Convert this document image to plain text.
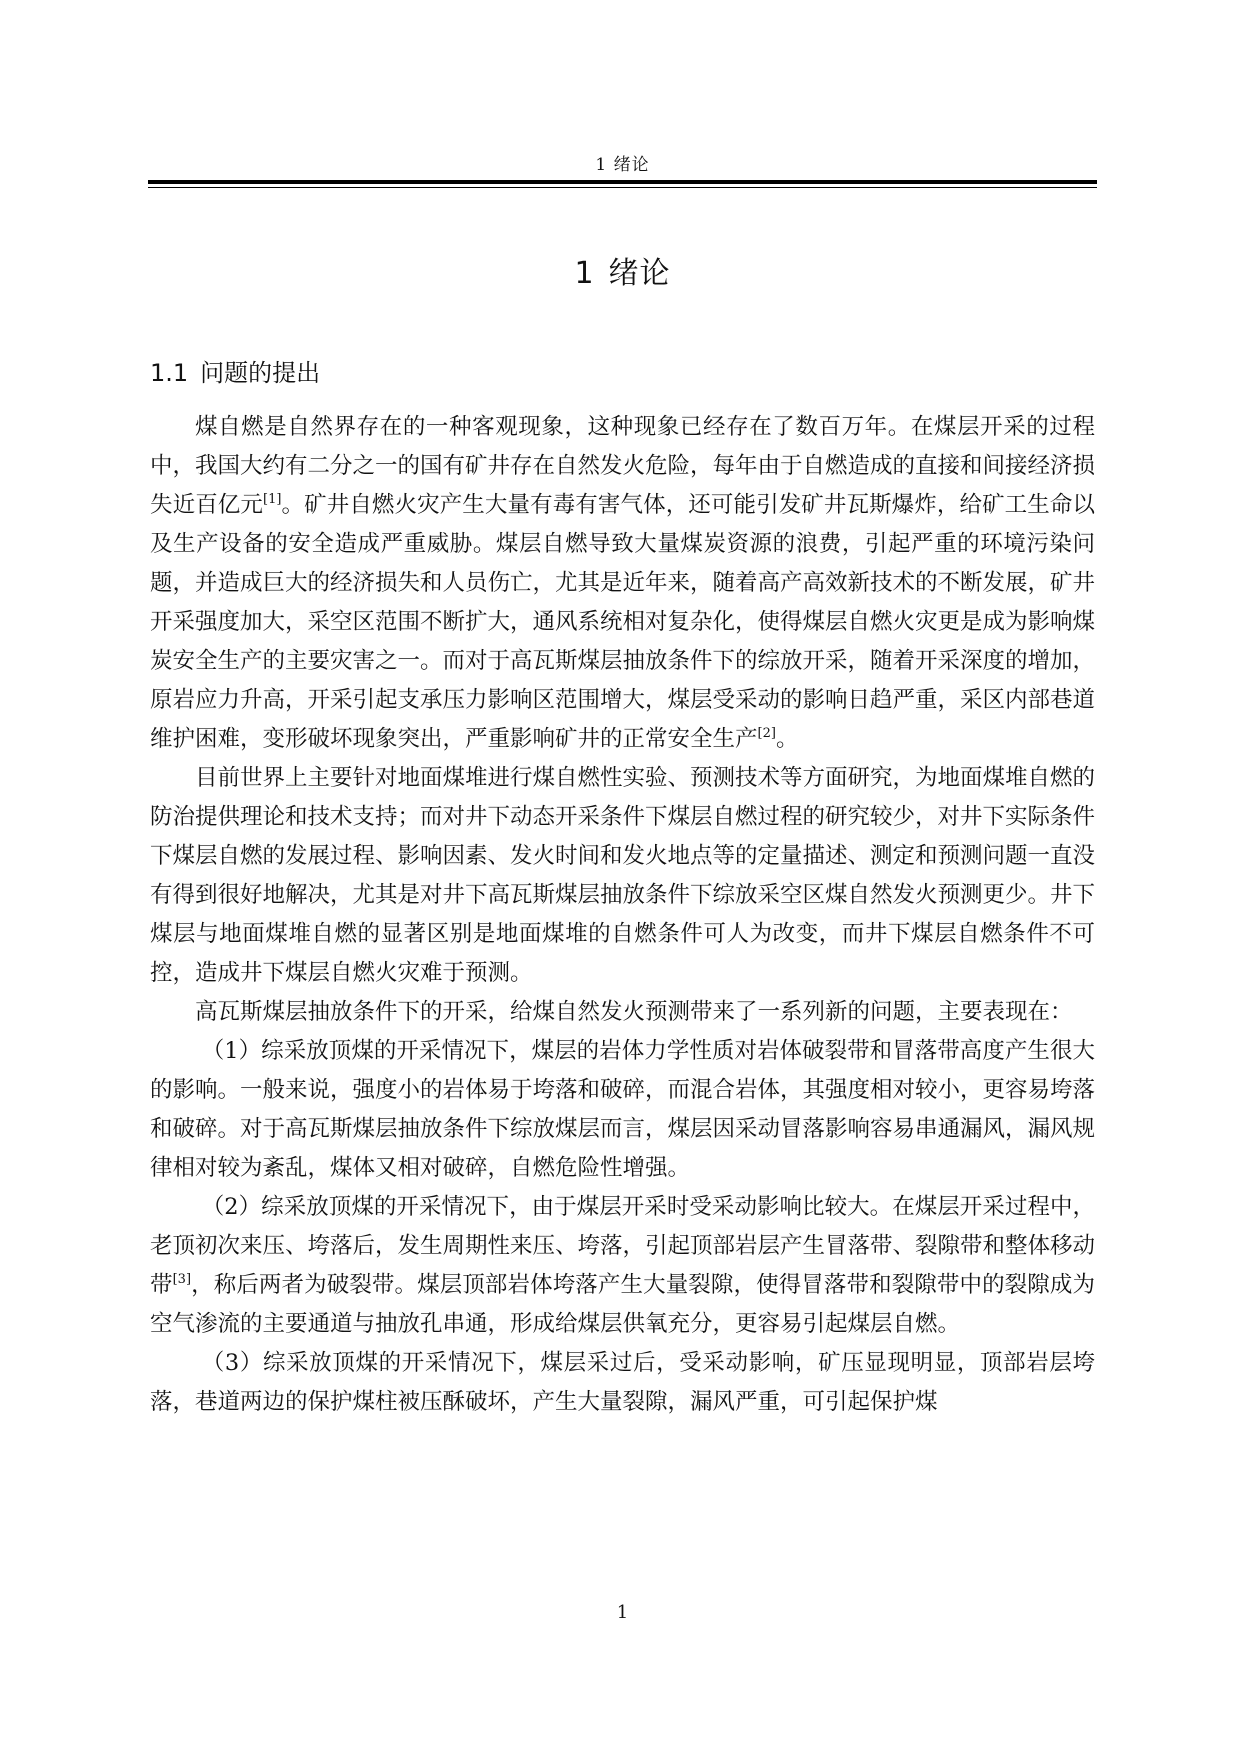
1 绪论
1 绪论
1.1 问题的提出

煤自燃是自然界存在的一种客观现象，这种现象已经存在了数百万年。在煤层开采的过程中，我国大约有二分之一的国有矿井存在自然发火危险，每年由于自燃造成的直接和间接经济损失近百亿元[1]。矿井自燃火灾产生大量有毒有害气体，还可能引发矿井瓦斯爆炸，给矿工生命以及生产设备的安全造成严重威胁。煤层自燃导致大量煤炭资源的浪费，引起严重的环境污染问题，并造成巨大的经济损失和人员伤亡，尤其是近年来，随着高产高效新技术的不断发展，矿井开采强度加大，采空区范围不断扩大，通风系统相对复杂化，使得煤层自燃火灾更是成为影响煤炭安全生产的主要灾害之一。而对于高瓦斯煤层抽放条件下的综放开采，随着开采深度的增加，原岩应力升高，开采引起支承压力影响区范围增大，煤层受采动的影响日趋严重，采区内部巷道维护困难，变形破坏现象突出，严重影响矿井的正常安全生产[2]。

目前世界上主要针对地面煤堆进行煤自燃性实验、预测技术等方面研究，为地面煤堆自燃的防治提供理论和技术支持；而对井下动态开采条件下煤层自燃过程的研究较少，对井下实际条件下煤层自燃的发展过程、影响因素、发火时间和发火地点等的定量描述、测定和预测问题一直没有得到很好地解决，尤其是对井下高瓦斯煤层抽放条件下综放采空区煤自然发火预测更少。井下煤层与地面煤堆自燃的显著区别是地面煤堆的自燃条件可人为改变，而井下煤层自燃条件不可控，造成井下煤层自燃火灾难于预测。

高瓦斯煤层抽放条件下的开采，给煤自然发火预测带来了一系列新的问题，主要表现在：

（1）综采放顶煤的开采情况下，煤层的岩体力学性质对岩体破裂带和冒落带高度产生很大的影响。一般来说，强度小的岩体易于垮落和破碎，而混合岩体，其强度相对较小，更容易垮落和破碎。对于高瓦斯煤层抽放条件下综放煤层而言，煤层因采动冒落影响容易串通漏风，漏风规律相对较为紊乱，煤体又相对破碎，自燃危险性增强。

（2）综采放顶煤的开采情况下，由于煤层开采时受采动影响比较大。在煤层开采过程中，老顶初次来压、垮落后，发生周期性来压、垮落，引起顶部岩层产生冒落带、裂隙带和整体移动带[3]，称后两者为破裂带。煤层顶部岩体垮落产生大量裂隙，使得冒落带和裂隙带中的裂隙成为空气渗流的主要通道与抽放孔串通，形成给煤层供氧充分，更容易引起煤层自燃。

（3）综采放顶煤的开采情况下，煤层采过后，受采动影响，矿压显现明显，顶部岩层垮落，巷道两边的保护煤柱被压酥破坏，产生大量裂隙，漏风严重，可引起保护煤

1
